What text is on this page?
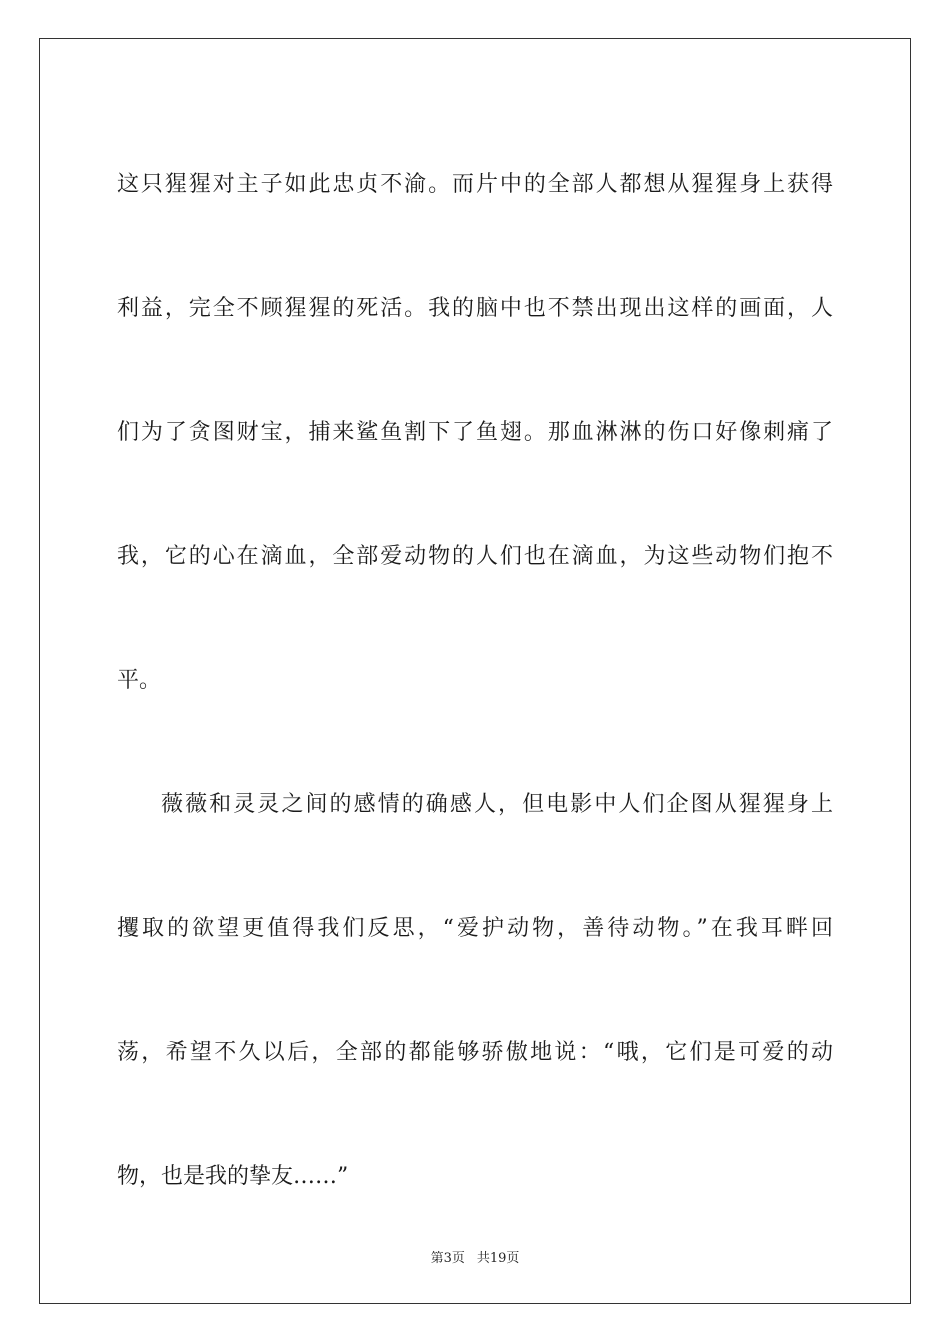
这只猩猩对主子如此忠贞不渝。而片中的全部人都想从猩猩身上获得
利益，完全不顾猩猩的死活。我的脑中也不禁出现出这样的画面，人
们为了贪图财宝，捕来鲨鱼割下了鱼翅。那血淋淋的伤口好像刺痛了
我，它的心在滴血，全部爱动物的人们也在滴血，为这些动物们抱不
平。
薇薇和灵灵之间的感情的确感人，但电影中人们企图从猩猩身上
攫取的欲望更值得我们反思，“爱护动物，善待动物。”在我耳畔回
荡，希望不久以后，全部的都能够骄傲地说：“哦，它们是可爱的动
物，也是我的挚友……”
第3页 共19页
